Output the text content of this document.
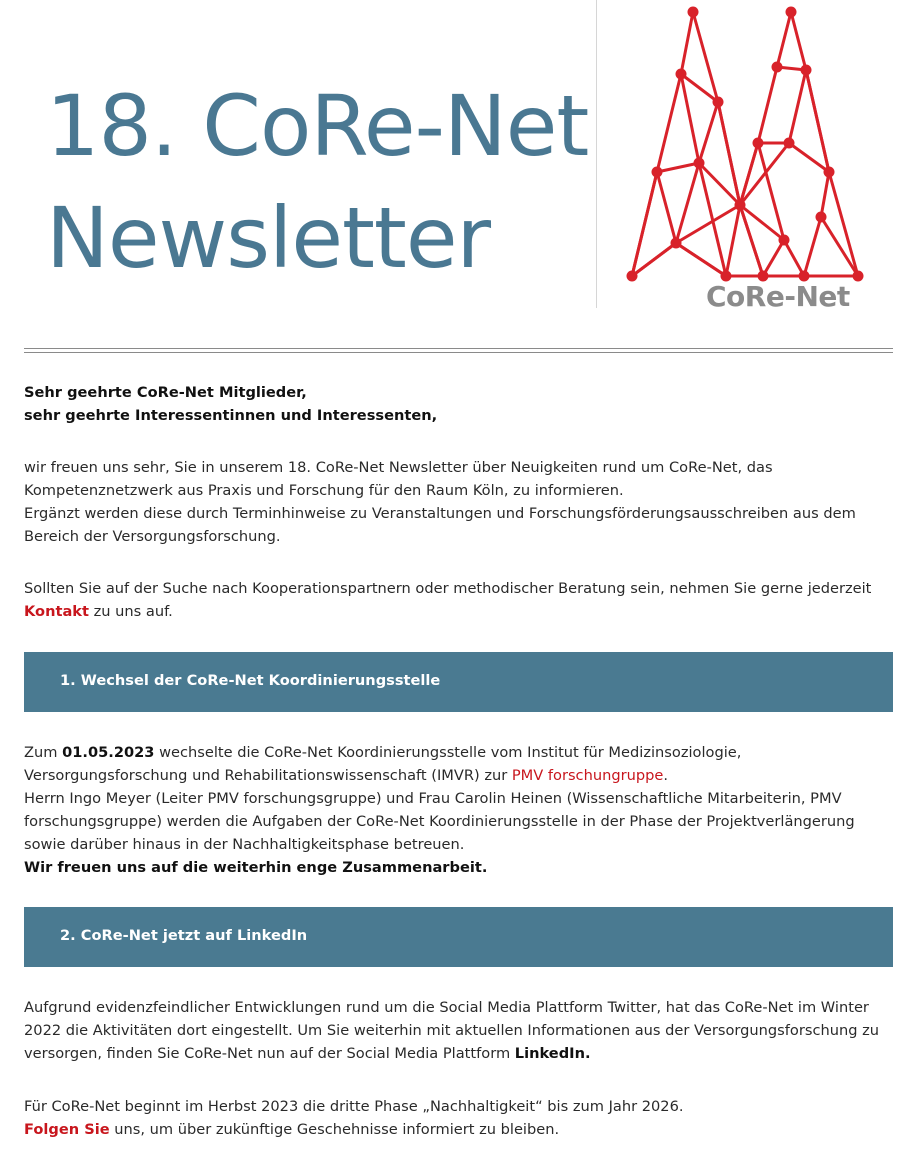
18. CoRe-Net
Newsletter
CoRe-Net

Sehr geehrte CoRe-Net Mitglieder,

sehr geehrte Interessentinnen und Interessenten,

wir freuen uns sehr, Sie in unserem 18. CoRe-Net Newsletter über Neuigkeiten rund um CoRe-Net, das Kompetenznetzwerk aus Praxis und Forschung für den Raum Köln, zu informieren.

Ergänzt werden diese durch Terminhinweise zu Veranstaltungen und Forschungsförderungsausschreiben aus dem Bereich der Versorgungsforschung.

Sollten Sie auf der Suche nach Kooperationspartnern oder methodischer Beratung sein, nehmen Sie gerne jederzeit Kontakt zu uns auf.

1. Wechsel der CoRe-Net Koordinierungsstelle

Zum 01.05.2023 wechselte die CoRe-Net Koordinierungsstelle vom Institut für Medizinsoziologie, Versorgungsforschung und Rehabilitationswissenschaft (IMVR) zur PMV forschungruppe.

Herrn Ingo Meyer (Leiter PMV forschungsgruppe) und Frau Carolin Heinen (Wissenschaftliche Mitarbeiterin, PMV forschungsgruppe) werden die Aufgaben der CoRe-Net Koordinierungsstelle in der Phase der Projektverlängerung sowie darüber hinaus in der Nachhaltigkeitsphase betreuen.

Wir freuen uns auf die weiterhin enge Zusammenarbeit.

2. CoRe-Net jetzt auf LinkedIn

Aufgrund evidenzfeindlicher Entwicklungen rund um die Social Media Plattform Twitter, hat das CoRe-Net im Winter 2022 die Aktivitäten dort eingestellt. Um Sie weiterhin mit aktuellen Informationen aus der Versorgungsforschung zu versorgen, finden Sie CoRe-Net nun auf der Social Media Plattform LinkedIn.

Für CoRe-Net beginnt im Herbst 2023 die dritte Phase „Nachhaltigkeit“ bis zum Jahr 2026.

Folgen Sie uns, um über zukünftige Geschehnisse informiert zu bleiben.
